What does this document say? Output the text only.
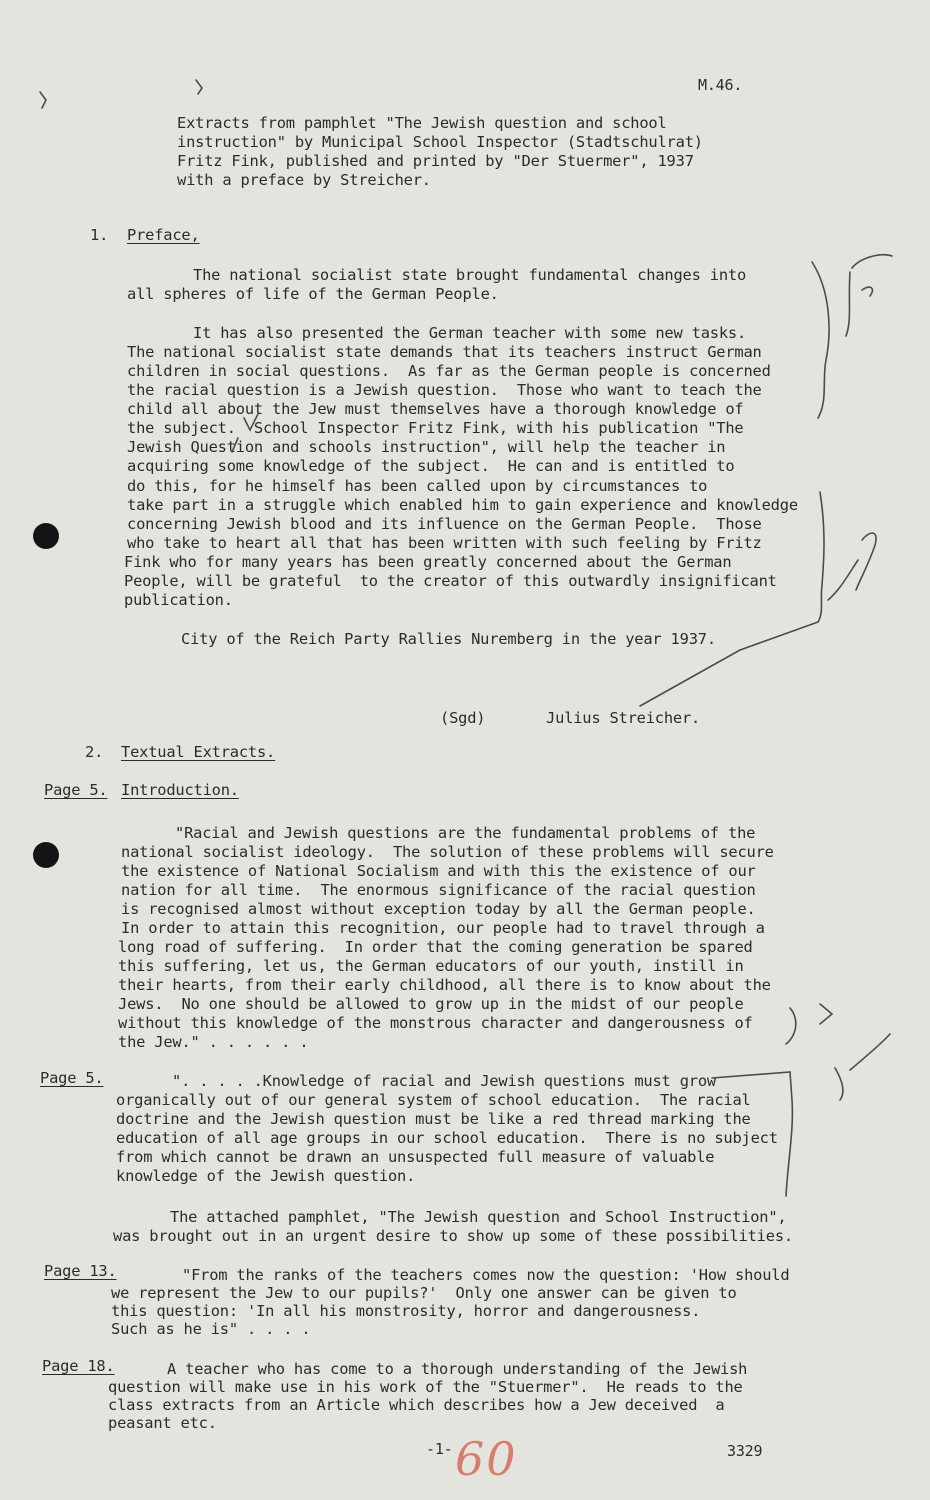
M.46.
Extracts from pamphlet "The Jewish question and school
instruction" by Municipal School Inspector (Stadtschulrat)
Fritz Fink, published and printed by "Der Stuermer", 1937
with a preface by Streicher.
1. Preface,
The national socialist state brought fundamental changes into
all spheres of life of the German People.
It has also presented the German teacher with some new tasks.
The national socialist state demands that its teachers instruct German
children in social questions.  As far as the German people is concerned
the racial question is a Jewish question.  Those who want to teach the
child all about the Jew must themselves have a thorough knowledge of
the subject.  School Inspector Fritz Fink, with his publication "The
Jewish Question and schools instruction", will help the teacher in
acquiring some knowledge of the subject.  He can and is entitled to
do this, for he himself has been called upon by circumstances to
take part in a struggle which enabled him to gain experience and knowledge
concerning Jewish blood and its influence on the German People.  Those
who take to heart all that has been written with such feeling by Fritz
Fink who for many years has been greatly concerned about the German
People, will be grateful  to the creator of this outwardly insignificant
publication.
City of the Reich Party Rallies Nuremberg in the year 1937.
(Sgd)	Julius Streicher.
2. Textual Extracts.
Page 5. Introduction.
"Racial and Jewish questions are the fundamental problems of the
national socialist ideology.  The solution of these problems will secure
the existence of National Socialism and with this the existence of our
nation for all time.  The enormous significance of the racial question
is recognised almost without exception today by all the German people.
In order to attain this recognition, our people had to travel through a
long road of suffering.  In order that the coming generation be spared
this suffering, let us, the German educators of our youth, instill in
their hearts, from their early childhood, all there is to know about the
Jews.  No one should be allowed to grow up in the midst of our people
without this knowledge of the monstrous character and dangerousness of
the Jew." . . . . . .
Page 5.	". . . . .Knowledge of racial and Jewish questions must grow
organically out of our general system of school education.  The racial
doctrine and the Jewish question must be like a red thread marking the
education of all age groups in our school education.  There is no subject
from which cannot be drawn an unsuspected full measure of valuable
knowledge of the Jewish question.
The attached pamphlet, "The Jewish question and School Instruction",
was brought out in an urgent desire to show up some of these possibilities.
Page 13.	"From the ranks of the teachers comes now the question: 'How should
we represent the Jew to our pupils?'  Only one answer can be given to
this question: 'In all his monstrosity, horror and dangerousness.
Such as he is" . . . .
Page 18.	A teacher who has come to a thorough understanding of the Jewish
question will make use in his work of the "Stuermer".  He reads to the
class extracts from an Article which describes how a Jew deceived  a
peasant etc.
-1- 60	3329
